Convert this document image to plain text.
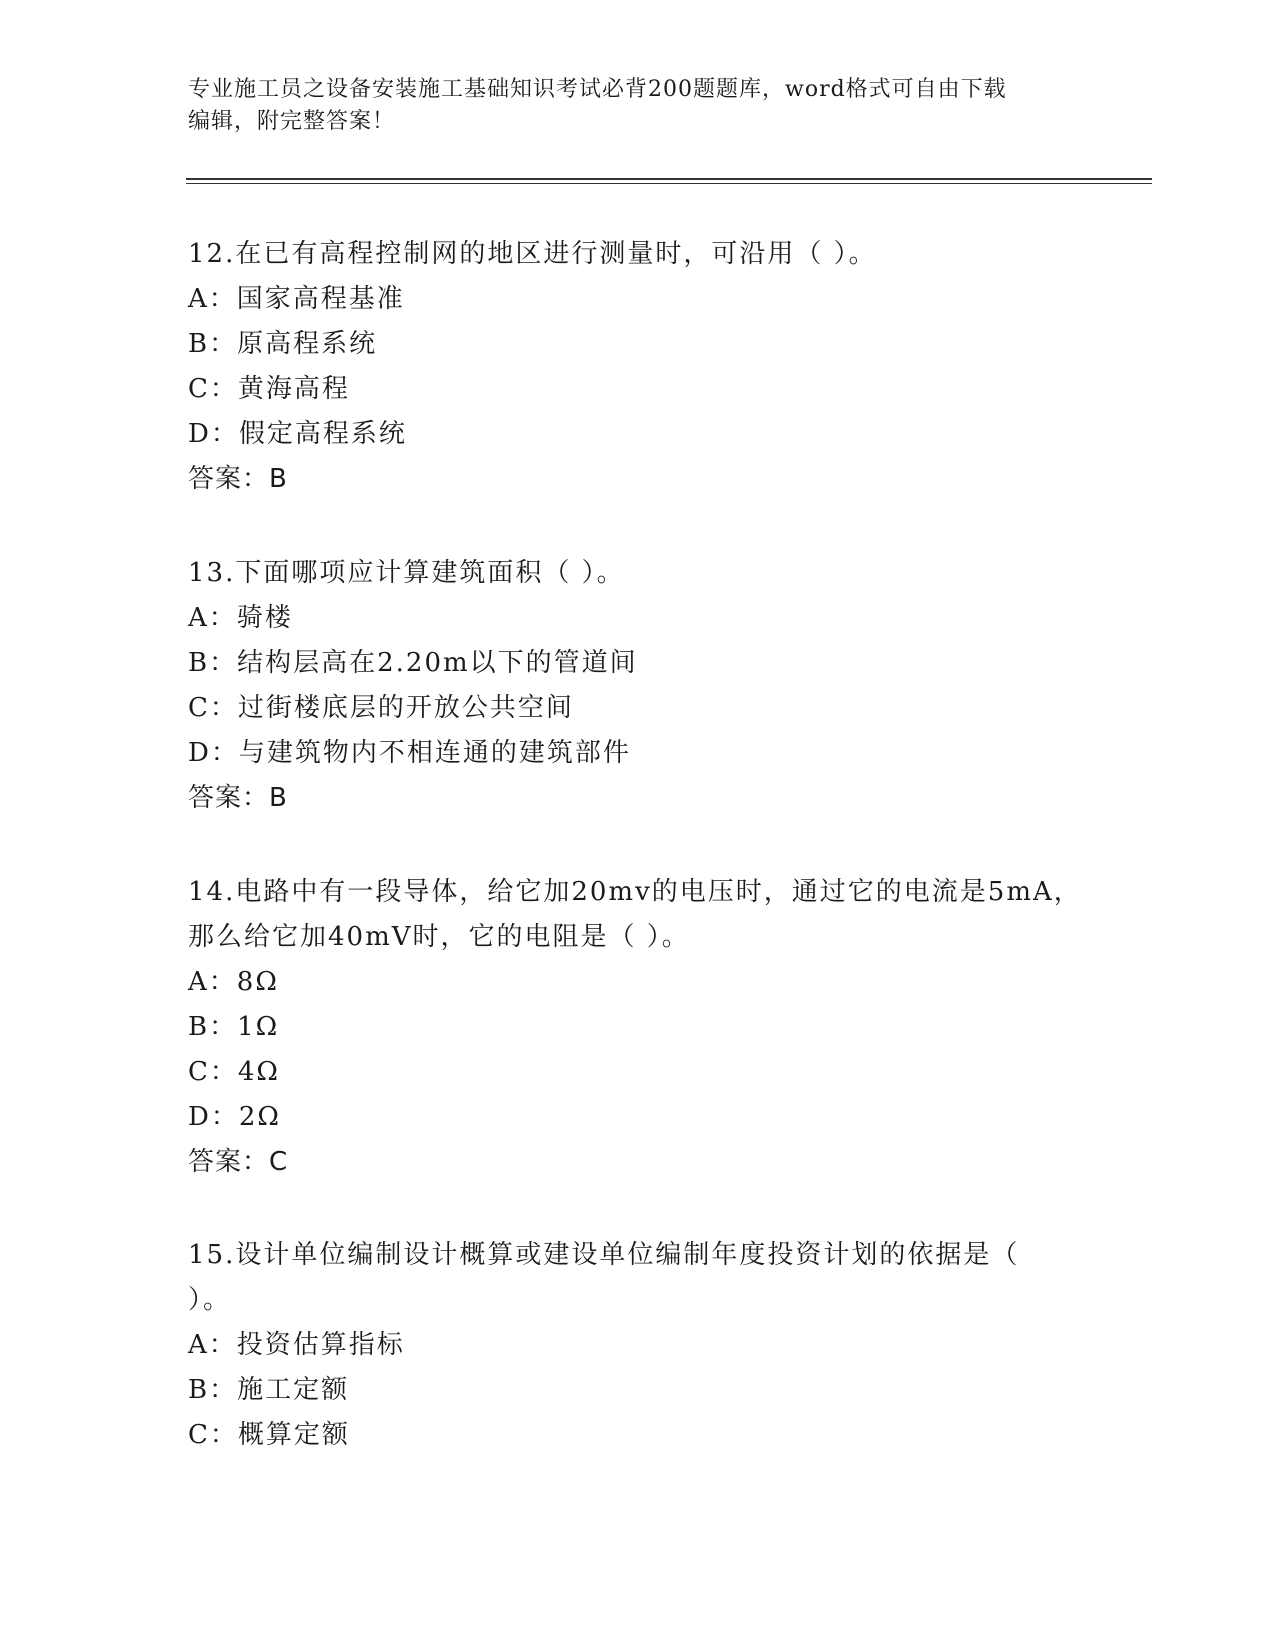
专业施工员之设备安装施工基础知识考试必背200题题库，word格式可自由下载
编辑，附完整答案！

12.在已有高程控制网的地区进行测量时，可沿用（ ）。

A：国家高程基准

B：原高程系统

C：黄海高程

D：假定高程系统

答案：B

13.下面哪项应计算建筑面积（ ）。

A：骑楼

B：结构层高在2.20m以下的管道间

C：过街楼底层的开放公共空间

D：与建筑物内不相连通的建筑部件

答案：B

14.电路中有一段导体，给它加20mv的电压时，通过它的电流是5mA，

那么给它加40mV时，它的电阻是（ ）。

A：8Ω

B：1Ω

C：4Ω

D：2Ω

答案：C

15.设计单位编制设计概算或建设单位编制年度投资计划的依据是（

）。

A：投资估算指标

B：施工定额

C：概算定额
